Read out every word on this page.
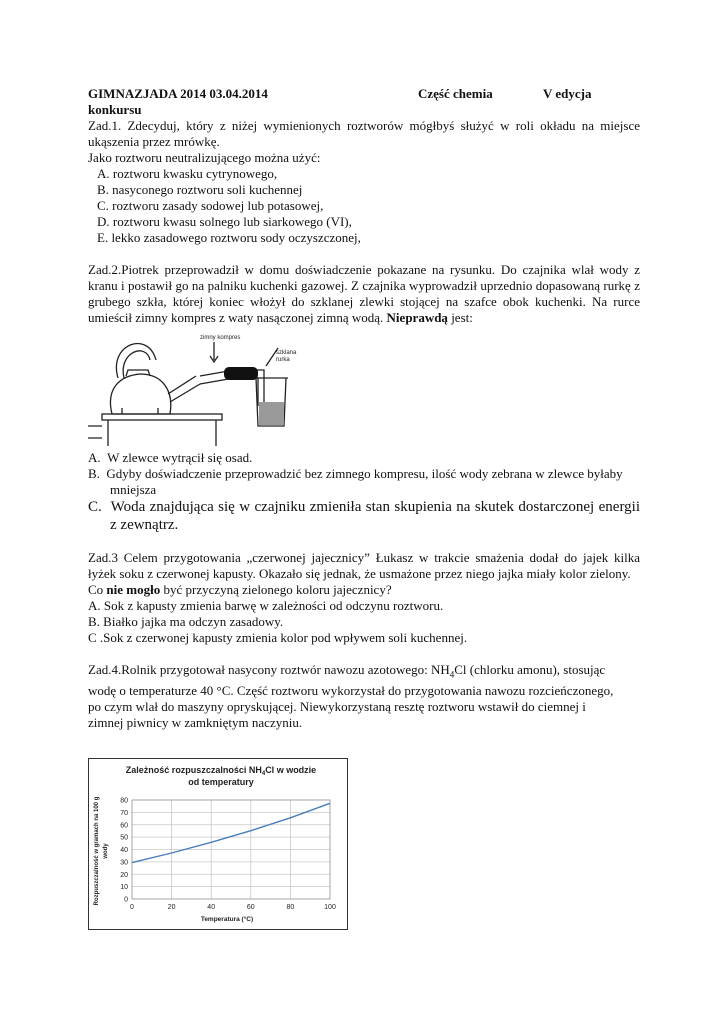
GIMNAZJADA 2014 03.04.2014	Część chemia	V edycja

konkursu

Zad.1. Zdecyduj, który z niżej wymienionych roztworów mógłbyś służyć w roli okładu na miejsce ukąszenia przez mrówkę.

Jako roztworu neutralizującego można użyć:

A. roztworu kwasku cytrynowego,

B. nasyconego roztworu soli kuchennej

C. roztworu zasady sodowej lub potasowej,

D. roztworu kwasu solnego lub siarkowego (VI),

E. lekko zasadowego roztworu sody oczyszczonej,

Zad.2.Piotrek przeprowadził w domu doświadczenie pokazane na rysunku. Do czajnika wlał wody z kranu i postawił go na palniku kuchenki gazowej. Z czajnika wyprowadził uprzednio dopasowaną rurkę z grubego szkła, której koniec włożył do szklanej zlewki stojącej na szafce obok kuchenki. Na rurce umieścił zimny kompres z waty nasączonej zimną wodą. Nieprawdą jest:

zimny kompres
szklana
rurka

A. W zlewce wytrącił się osad.

B. Gdyby doświadczenie przeprowadzić bez zimnego kompresu, ilość wody zebrana w zlewce byłaby mniejsza

C. Woda znajdująca się w czajniku zmieniła stan skupienia na skutek dostarczonej energii z zewnątrz.

Zad.3 Celem przygotowania „czerwonej jajecznicy” Łukasz w trakcie smażenia dodał do jajek kilka łyżek soku z czerwonej kapusty. Okazało się jednak, że usmażone przez niego jajka miały kolor zielony.

Co nie mogło być przyczyną zielonego koloru jajecznicy?

A. Sok z kapusty zmienia barwę w zależności od odczynu roztworu.

B. Białko jajka ma odczyn zasadowy.

C .Sok z czerwonej kapusty zmienia kolor pod wpływem soli kuchennej.

Zad.4.Rolnik przygotował nasycony roztwór nawozu azotowego: $NH_4Cl$ (chlorku amonu), stosując

wodę o temperaturze 40 °C. Część roztworu wykorzystał do przygotowania nawozu rozcieńczonego,

po czym wlał do maszyny opryskującej. Niewykorzystaną resztę roztworu wstawił do ciemnej i

zimnej piwnicy w zamkniętym naczyniu.

Zależność rozpuszczalności $NH_4Cl$ w wodzie
od temperatury
0
10
20
30
40
50
60
70
80
0	20	40	60	80	100
Temperatura (°C)
Rozpuszczalność w gramach na 100 g wody
